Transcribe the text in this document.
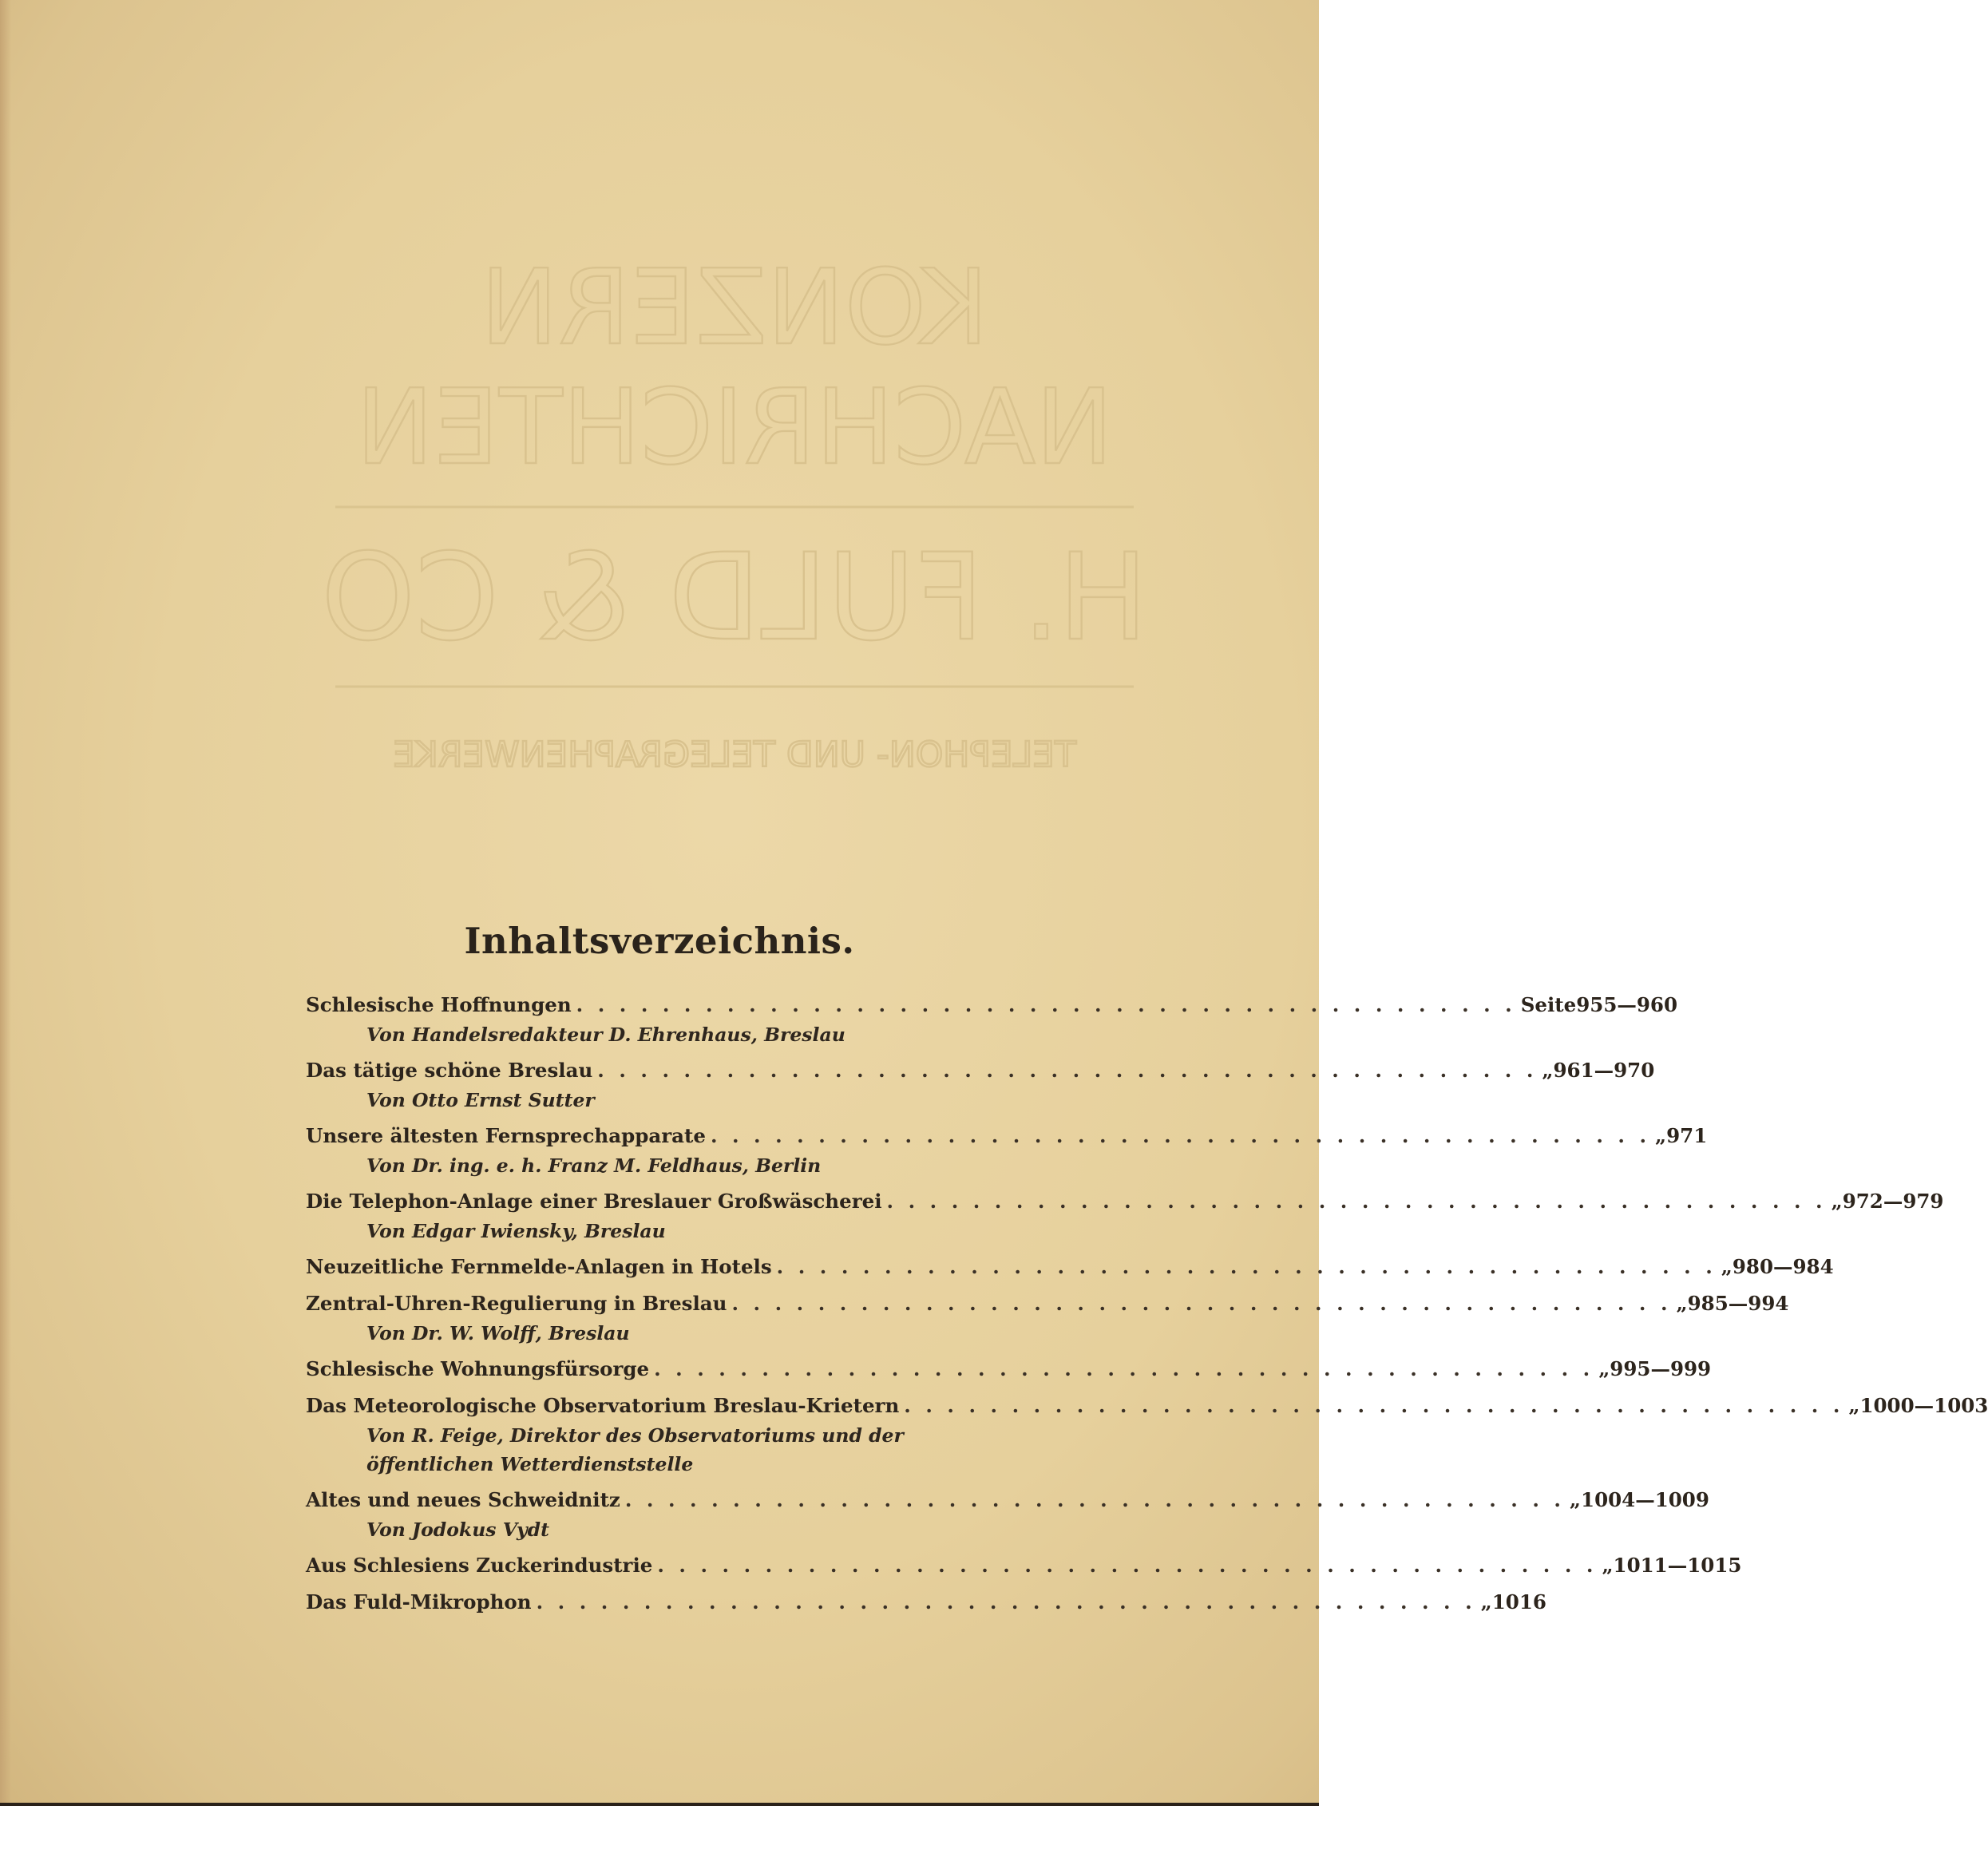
KONZERN
NACHRICHTEN
H. FULD & CO
TELEPHON- UND TELEGRAPHENWERKE
Inhaltsverzeichnis.
Schlesische Hoffnungen . . . . . . . . . . . . . . . . . . . . . . . . . . . . . . . . . . . . . . . . . . . . Seite 955—960
Von Handelsredakteur D. Ehrenhaus, Breslau
Das tätige schöne Breslau . . . . . . . . . . . . . . . . . . . . . . . . . . . . . . . . . . . . . . . . . . . . „ 961—970
Von Otto Ernst Sutter
Unsere ältesten Fernsprechapparate . . . . . . . . . . . . . . . . . . . . . . . . . . . . . . . . . . . . . . . . . . . . „ 971
Von Dr. ing. e. h. Franz M. Feldhaus, Berlin
Die Telephon-Anlage einer Breslauer Großwäscherei . . . . . . . . . . . . . . . . . . . . . . . . . . . . . . . . . . . . . . . . . . . . „ 972—979
Von Edgar Iwiensky, Breslau
Neuzeitliche Fernmelde-Anlagen in Hotels . . . . . . . . . . . . . . . . . . . . . . . . . . . . . . . . . . . . . . . . . . . . „ 980—984
Zentral-Uhren-Regulierung in Breslau . . . . . . . . . . . . . . . . . . . . . . . . . . . . . . . . . . . . . . . . . . . . „ 985—994
Von Dr. W. Wolff, Breslau
Schlesische Wohnungsfürsorge . . . . . . . . . . . . . . . . . . . . . . . . . . . . . . . . . . . . . . . . . . . . „ 995—999
Das Meteorologische Observatorium Breslau-Krietern . . . . . . . . . . . . . . . . . . . . . . . . . . . . . . . . . . . . . . . . . . . . „ 1000—1003
Von R. Feige, Direktor des Observatoriums und der öffentlichen Wetterdienststelle
Altes und neues Schweidnitz . . . . . . . . . . . . . . . . . . . . . . . . . . . . . . . . . . . . . . . . . . . . „ 1004—1009
Von Jodokus Vydt
Aus Schlesiens Zuckerindustrie . . . . . . . . . . . . . . . . . . . . . . . . . . . . . . . . . . . . . . . . . . . . „ 1011—1015
Das Fuld-Mikrophon . . . . . . . . . . . . . . . . . . . . . . . . . . . . . . . . . . . . . . . . . . . . „ 1016
